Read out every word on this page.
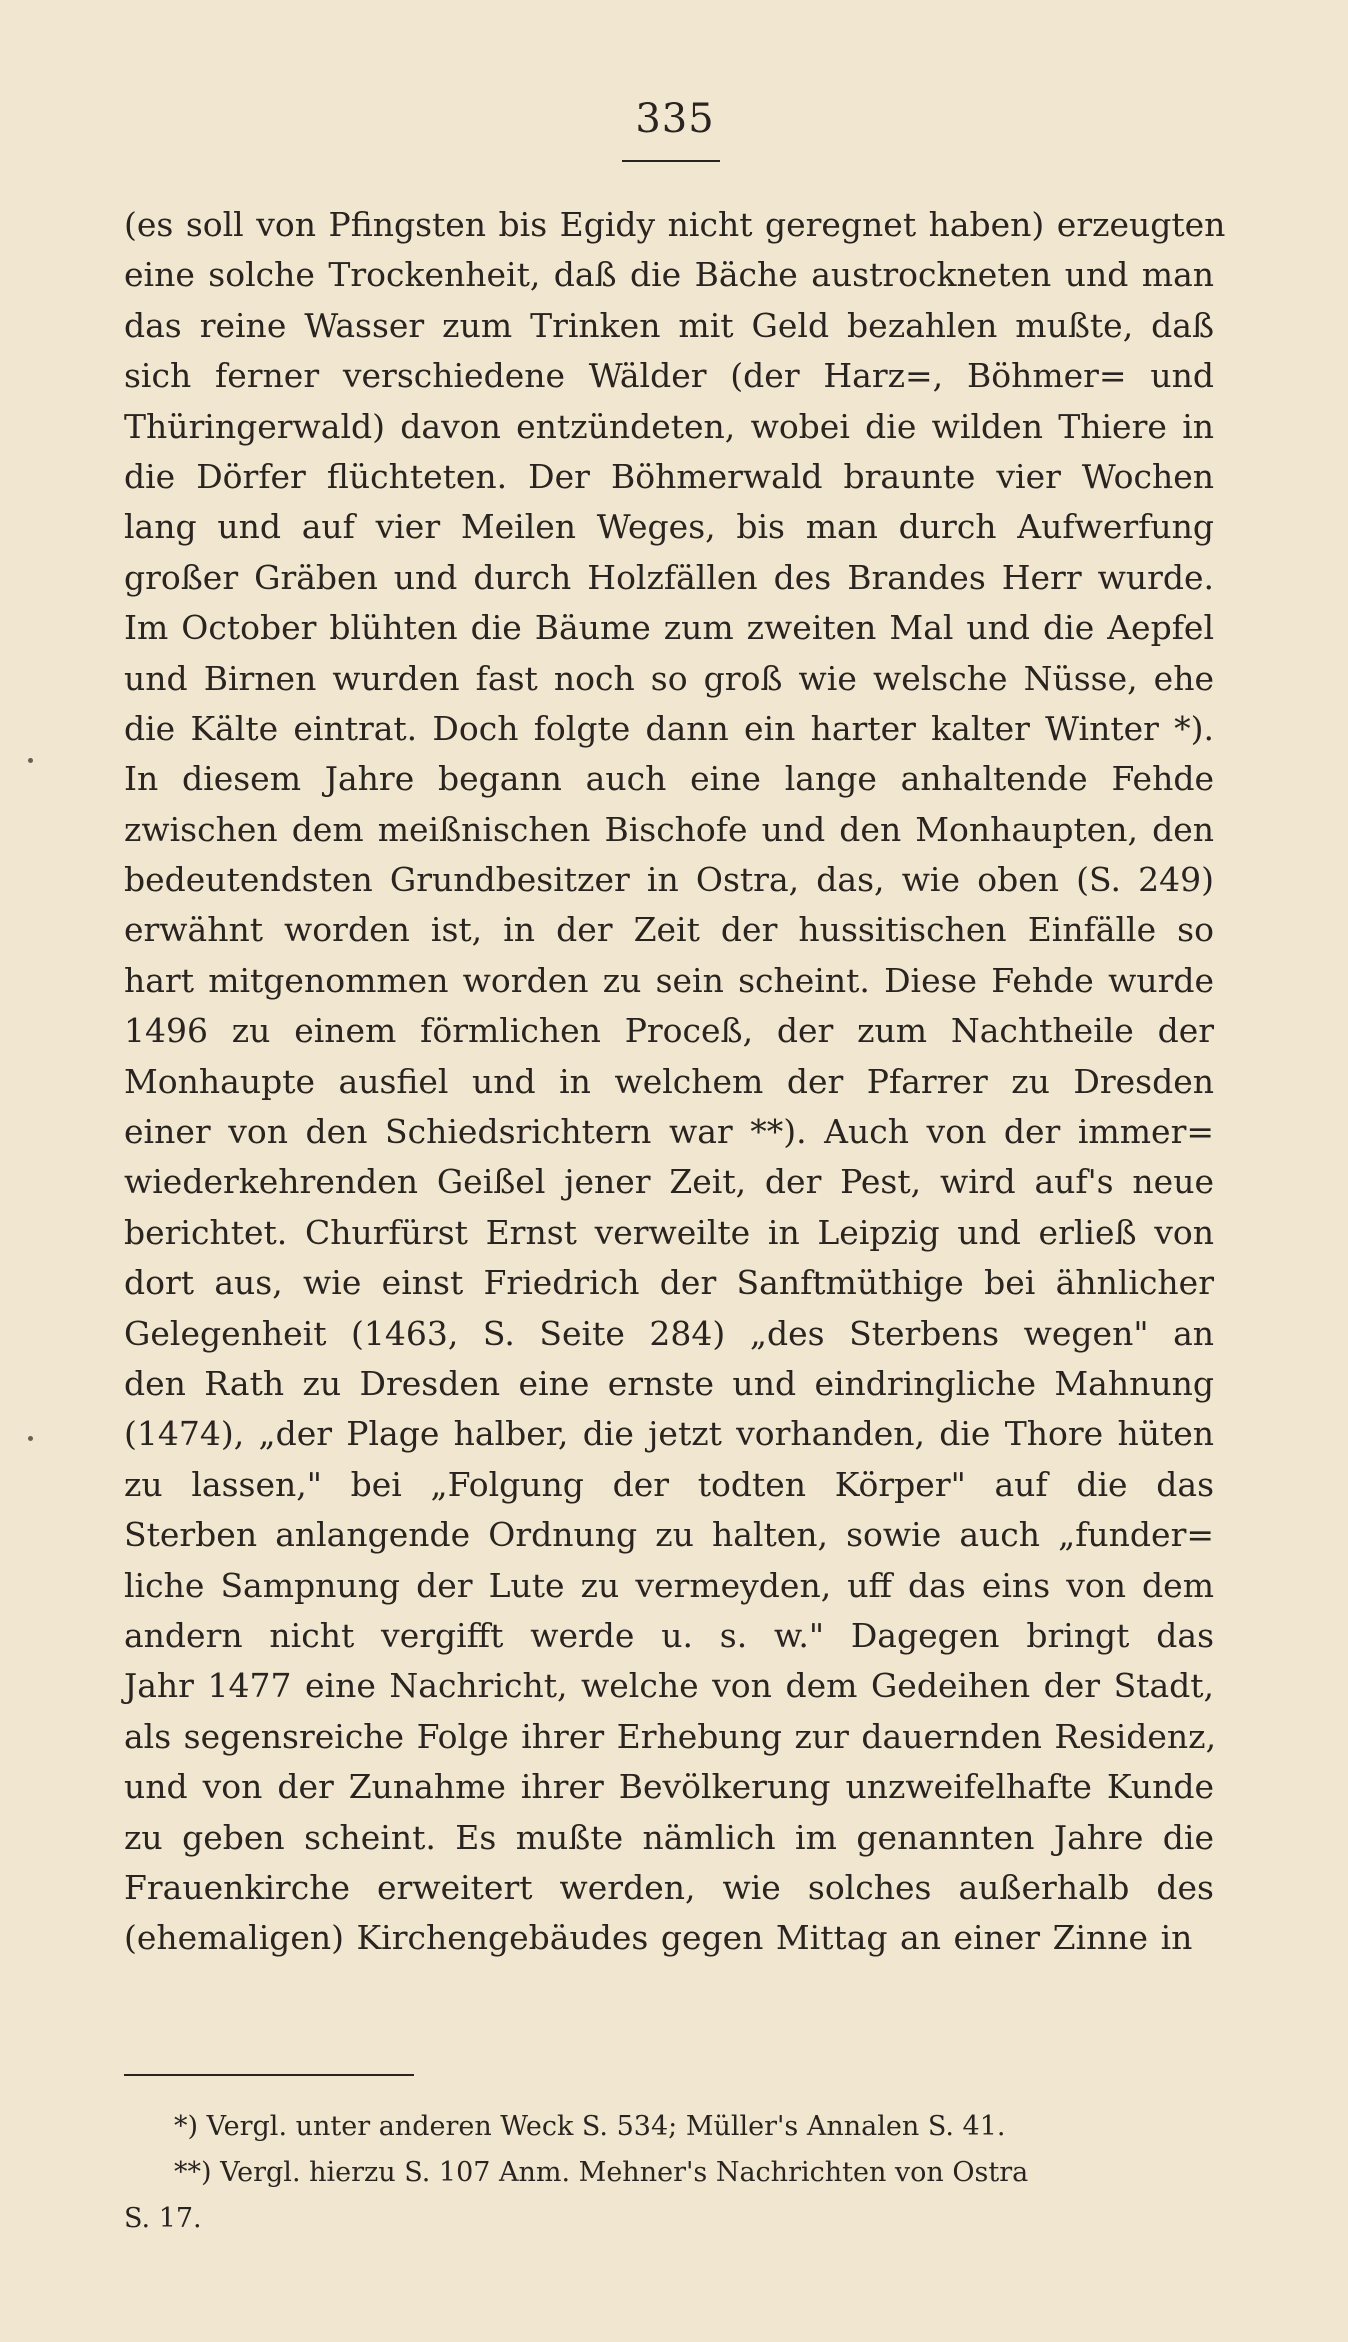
335
(es soll von Pfingsten bis Egidy nicht geregnet haben) erzeugten
eine solche Trockenheit, daß die Bäche austrockneten und man
das reine Wasser zum Trinken mit Geld bezahlen mußte, daß
sich ferner verschiedene Wälder (der Harz=, Böhmer= und
Thüringerwald) davon entzündeten, wobei die wilden Thiere in
die Dörfer flüchteten. Der Böhmerwald braunte vier Wochen
lang und auf vier Meilen Weges, bis man durch Aufwerfung
großer Gräben und durch Holzfällen des Brandes Herr wurde.
Im October blühten die Bäume zum zweiten Mal und die Aepfel
und Birnen wurden fast noch so groß wie welsche Nüsse, ehe
die Kälte eintrat. Doch folgte dann ein harter kalter Winter *).
In diesem Jahre begann auch eine lange anhaltende Fehde
zwischen dem meißnischen Bischofe und den Monhaupten, den
bedeutendsten Grundbesitzer in Ostra, das, wie oben (S. 249)
erwähnt worden ist, in der Zeit der hussitischen Einfälle so
hart mitgenommen worden zu sein scheint. Diese Fehde wurde
1496 zu einem förmlichen Proceß, der zum Nachtheile der
Monhaupte ausfiel und in welchem der Pfarrer zu Dresden
einer von den Schiedsrichtern war **). Auch von der immer=
wiederkehrenden Geißel jener Zeit, der Pest, wird auf's neue
berichtet. Churfürst Ernst verweilte in Leipzig und erließ von
dort aus, wie einst Friedrich der Sanftmüthige bei ähnlicher
Gelegenheit (1463, S. Seite 284) „des Sterbens wegen" an
den Rath zu Dresden eine ernste und eindringliche Mahnung
(1474), „der Plage halber, die jetzt vorhanden, die Thore hüten
zu lassen," bei „Folgung der todten Körper" auf die das
Sterben anlangende Ordnung zu halten, sowie auch „funder=
liche Sampnung der Lute zu vermeyden, uff das eins von dem
andern nicht vergifft werde u. s. w." Dagegen bringt das
Jahr 1477 eine Nachricht, welche von dem Gedeihen der Stadt,
als segensreiche Folge ihrer Erhebung zur dauernden Residenz,
und von der Zunahme ihrer Bevölkerung unzweifelhafte Kunde
zu geben scheint. Es mußte nämlich im genannten Jahre die
Frauenkirche erweitert werden, wie solches außerhalb des
(ehemaligen) Kirchengebäudes gegen Mittag an einer Zinne in
*) Vergl. unter anderen Weck S. 534; Müller's Annalen S. 41.
**) Vergl. hierzu S. 107 Anm. Mehner's Nachrichten von Ostra
S. 17.
